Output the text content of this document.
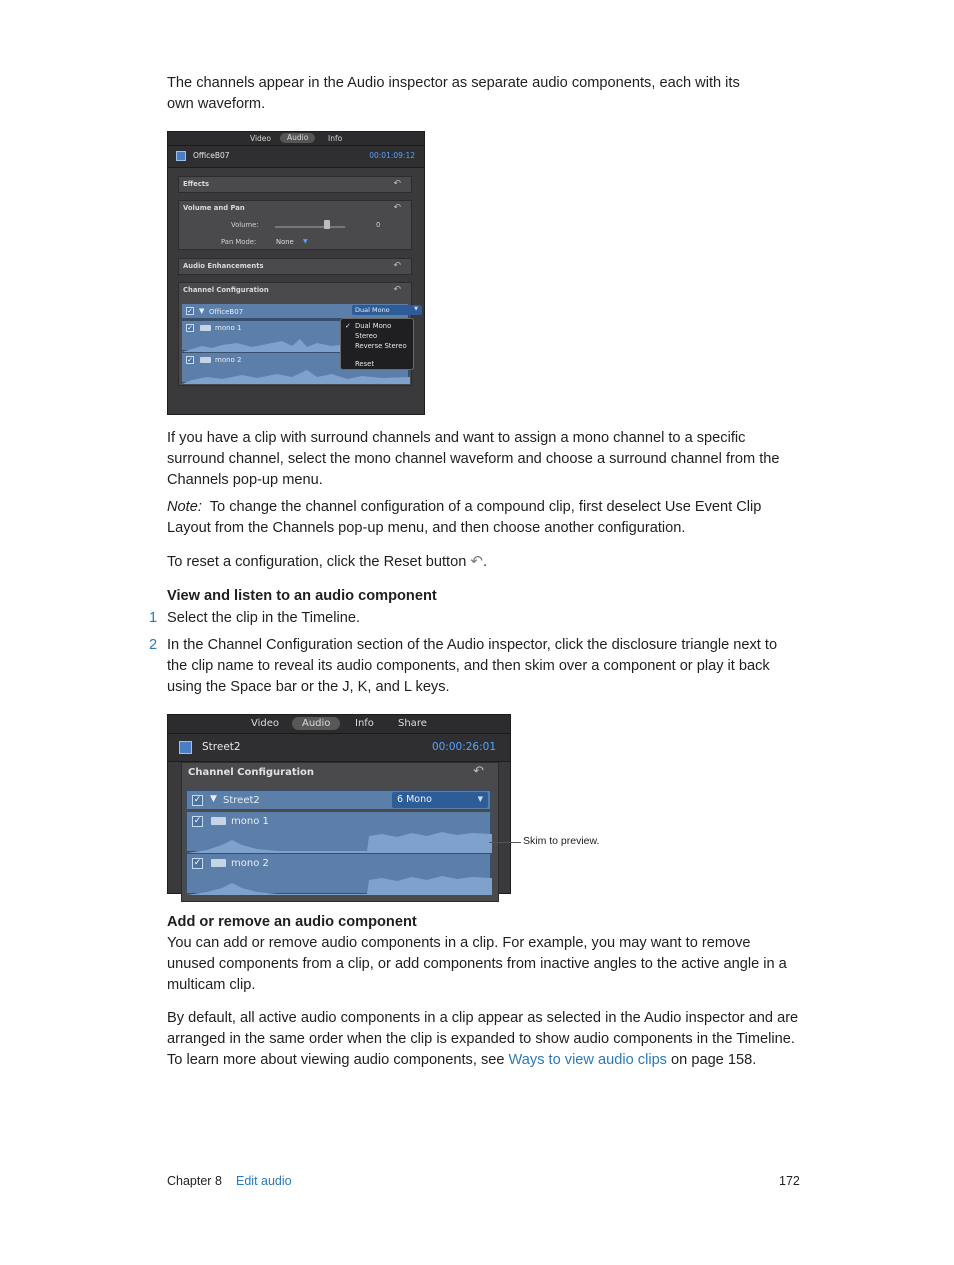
The channels appear in the Audio inspector as separate audio components, each with its own waveform.
Video	Audio	Info
OfficeB07	00:01:09:12
Effects	↶
Volume and Pan	↶
Volume:	0
Pan Mode:	None ▼
Audio Enhancements	↶
Channel Configuration	↶
✓ ▼ OfficeB07	Dual Mono	▼
✓	mono 1
✓	mono 2
✓ Dual Mono
Stereo
Reverse Stereo
Reset
If you have a clip with surround channels and want to assign a mono channel to a specific surround channel, select the mono channel waveform and choose a surround channel from the Channels pop-up menu.
Note: To change the channel configuration of a compound clip, first deselect Use Event Clip Layout from the Channels pop-up menu, and then choose another configuration.
To reset a configuration, click the Reset button ↶.
View and listen to an audio component
1 Select the clip in the Timeline.
2 In the Channel Configuration section of the Audio inspector, click the disclosure triangle next to the clip name to reveal its audio components, and then skim over a component or play it back using the Space bar or the J, K, and L keys.
Video	Audio	Info Share
Street2	00:00:26:01
Channel Configuration	↶
✓ ▼ Street2	6 Mono	▼
✓	mono 1
✓	mono 2
Skim to preview.
Add or remove an audio component
You can add or remove audio components in a clip. For example, you may want to remove unused components from a clip, or add components from inactive angles to the active angle in a multicam clip.
By default, all active audio components in a clip appear as selected in the Audio inspector and are arranged in the same order when the clip is expanded to show audio components in the Timeline. To learn more about viewing audio components, see Ways to view audio clips on page 158.
Chapter 8 Edit audio	172
